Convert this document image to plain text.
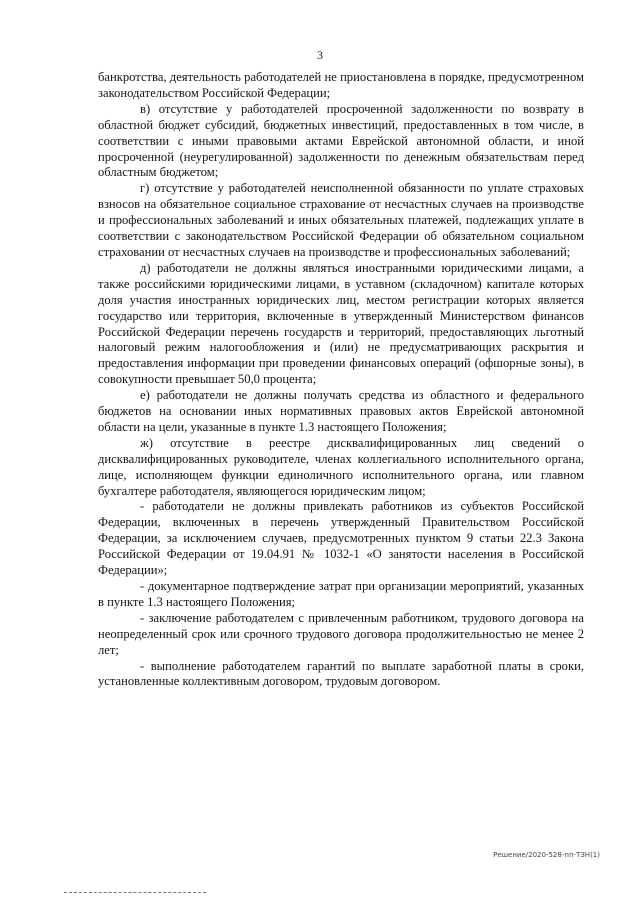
3

банкротства, деятельность работодателей не приостановлена в порядке, предусмотренном законодательством Российской Федерации;

в) отсутствие у работодателей просроченной задолженности по возврату в областной бюджет субсидий, бюджетных инвестиций, предоставленных в том числе, в соответствии с иными правовыми актами Еврейской автономной области, и иной просроченной (неурегулированной) задолженности по денежным обязательствам перед областным бюджетом;

г) отсутствие у работодателей неисполненной обязанности по уплате страховых взносов на обязательное социальное страхование от несчастных случаев на производстве и профессиональных заболеваний и иных обязательных платежей, подлежащих уплате в соответствии с законодательством Российской Федерации об обязательном социальном страховании от несчастных случаев на производстве и профессиональных заболеваний;

д) работодатели не должны являться иностранными юридическими лицами, а также российскими юридическими лицами, в уставном (складочном) капитале которых доля участия иностранных юридических лиц, местом регистрации которых является государство или территория, включенные в утвержденный Министерством финансов Российской Федерации перечень государств и территорий, предоставляющих льготный налоговый режим налогообложения и (или) не предусматривающих раскрытия и предоставления информации при проведении финансовых операций (офшорные зоны), в совокупности превышает 50,0 процента;

е) работодатели не должны получать средства из областного и федерального бюджетов на основании иных нормативных правовых актов Еврейской автономной области на цели, указанные в пункте 1.3 настоящего Положения;

ж) отсутствие в реестре дисквалифицированных лиц сведений о дисквалифицированных руководителе, членах коллегиального исполнительного органа, лице, исполняющем функции единоличного исполнительного органа, или главном бухгалтере работодателя, являющегося юридическим лицом;

- работодатели не должны привлекать работников из субъектов Российской Федерации, включенных в перечень утвержденный Правительством Российской Федерации, за исключением случаев, предусмотренных пунктом 9 статьи 22.3 Закона Российской Федерации от 19.04.91 № 1032-1 «О занятости населения в Российской Федерации»;

- документарное подтверждение затрат при организации мероприятий, указанных в пункте 1.3 настоящего Положения;

- заключение работодателем с привлеченным работником, трудового договора на неопределенный срок или срочного трудового договора продолжительностью не менее 2 лет;

- выполнение работодателем гарантий по выплате заработной платы в сроки, установленные коллективным договором, трудовым договором.

Решение/2020-528-пп-ТЗН(1)
